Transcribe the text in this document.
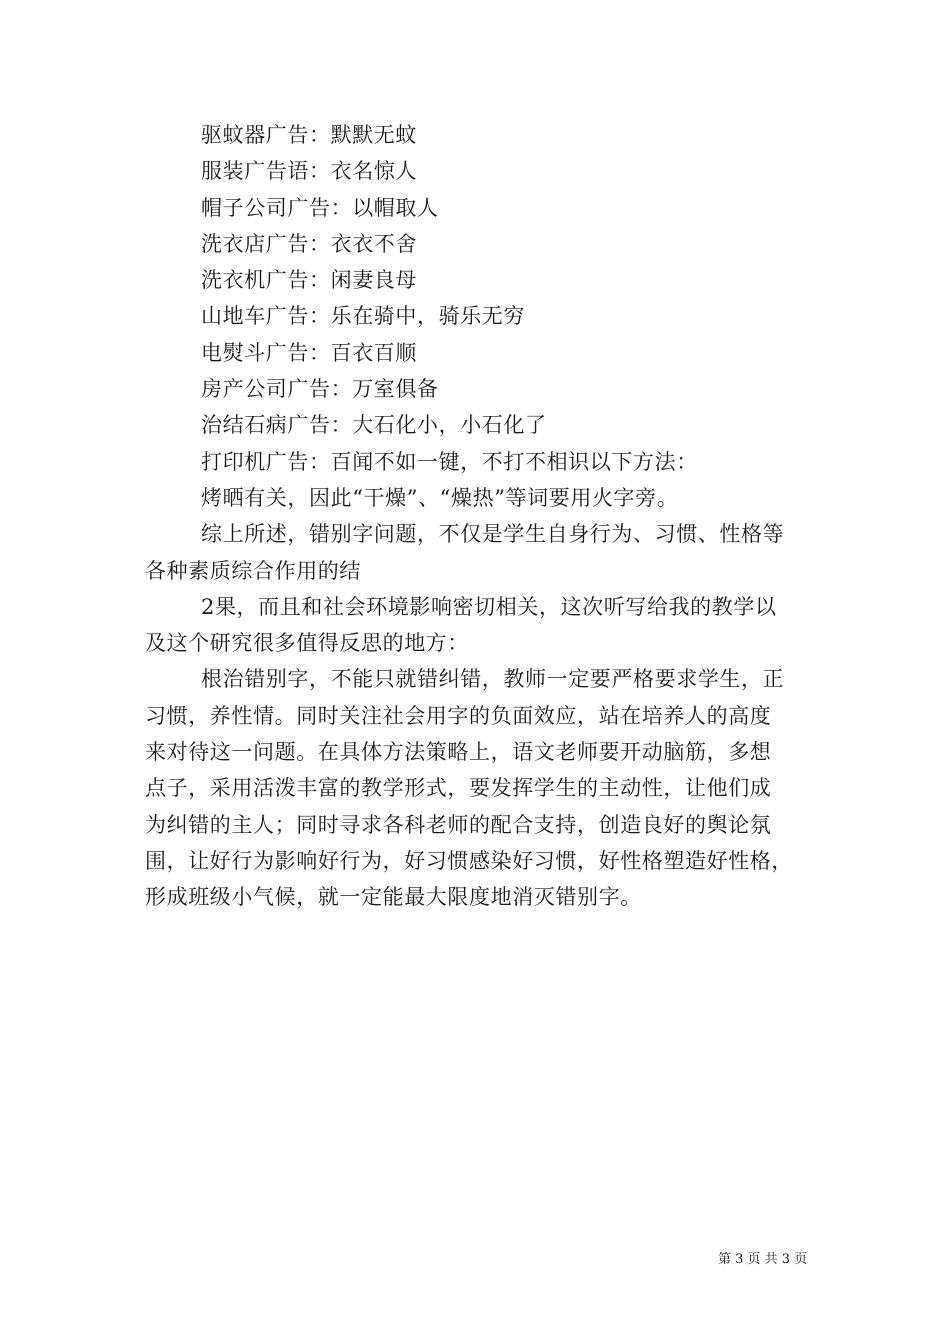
驱蚊器广告：默默无蚊
服装广告语：衣名惊人
帽子公司广告：以帽取人
洗衣店广告：衣衣不舍
洗衣机广告：闲妻良母
山地车广告：乐在骑中，骑乐无穷
电熨斗广告：百衣百顺
房产公司广告：万室俱备
治结石病广告：大石化小，小石化了
打印机广告：百闻不如一键，不打不相识以下方法：
烤晒有关，因此“干燥”、“燥热”等词要用火字旁。
综上所述，错别字问题，不仅是学生自身行为、习惯、性格等
各种素质综合作用的结
2果，而且和社会环境影响密切相关，这次听写给我的教学以
及这个研究很多值得反思的地方：
根治错别字，不能只就错纠错，教师一定要严格要求学生，正
习惯，养性情。同时关注社会用字的负面效应，站在培养人的高度
来对待这一问题。在具体方法策略上，语文老师要开动脑筋，多想
点子，采用活泼丰富的教学形式，要发挥学生的主动性，让他们成
为纠错的主人；同时寻求各科老师的配合支持，创造良好的舆论氛
围，让好行为影响好行为，好习惯感染好习惯，好性格塑造好性格，
形成班级小气候，就一定能最大限度地消灭错别字。
第 3 页 共 3 页
